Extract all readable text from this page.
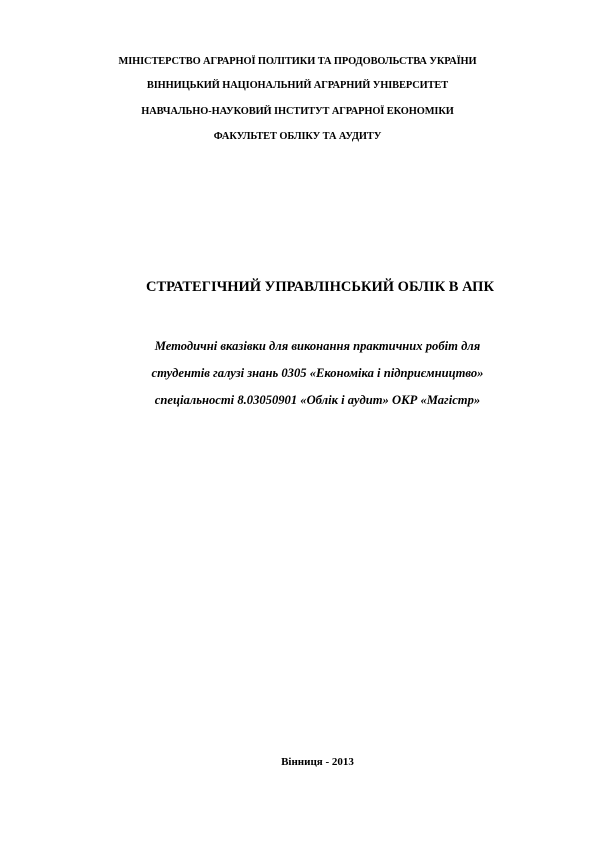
МІНІСТЕРСТВО АГРАРНОЇ ПОЛІТИКИ ТА ПРОДОВОЛЬСТВА УКРАЇНИ
ВІННИЦЬКИЙ НАЦІОНАЛЬНИЙ АГРАРНИЙ УНІВЕРСИТЕТ
НАВЧАЛЬНО-НАУКОВИЙ ІНСТИТУТ АГРАРНОЇ ЕКОНОМІКИ
ФАКУЛЬТЕТ ОБЛІКУ ТА АУДИТУ
СТРАТЕГІЧНИЙ УПРАВЛІНСЬКИЙ ОБЛІК В АПК
Методичні вказівки для виконання практичних робіт для
студентів галузі знань 0305 «Економіка і підприємництво»
спеціальності 8.03050901 «Облік і аудит» ОКР «Магістр»
Вінниця - 2013
